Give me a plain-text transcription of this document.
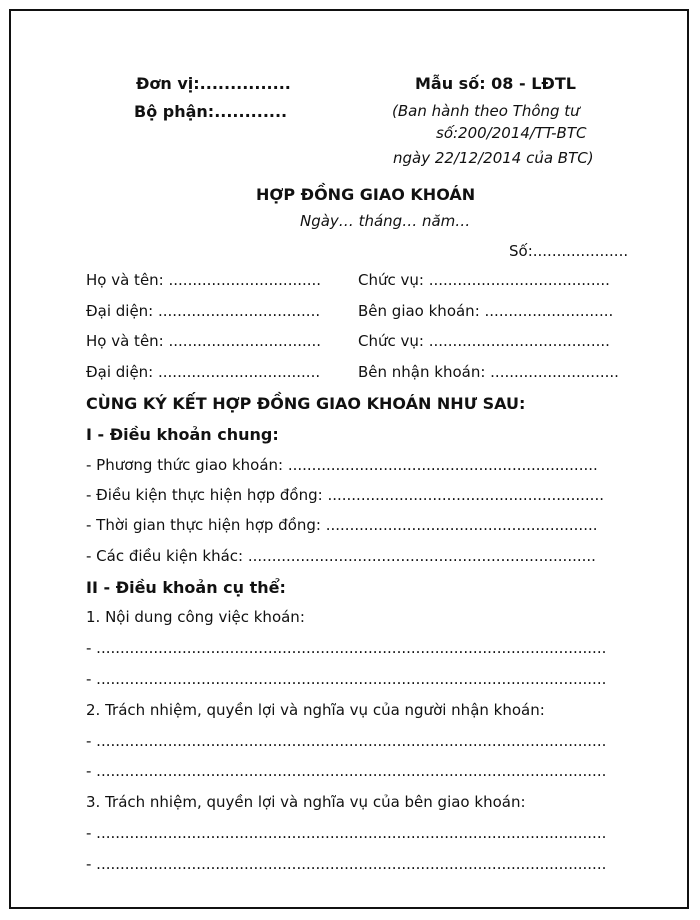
Đơn vị:...............
Bộ phận:............
Mẫu số: 08 - LĐTL
(Ban hành theo Thông tư
số:200/2014/TT-BTC
ngày 22/12/2014 của BTC)
HỢP ĐỒNG GIAO KHOÁN
Ngày… tháng… năm…
Số:....................
Họ và tên: ................................ Chức vụ: ......................................
Đại diện: ..................................	Bên giao khoán: ...........................
Họ và tên: ................................ Chức vụ: ......................................
Đại diện: ..................................	Bên nhận khoán: ...........................
CÙNG KÝ KẾT HỢP ĐỒNG GIAO KHOÁN NHƯ SAU:
I - Điều khoản chung:
- Phương thức giao khoán: .................................................................
- Điều kiện thực hiện hợp đồng: ..........................................................
- Thời gian thực hiện hợp đồng: .........................................................
- Các điều kiện khác: .........................................................................
II - Điều khoản cụ thể:
1. Nội dung công việc khoán:
- ...........................................................................................................
- ...........................................................................................................
2. Trách nhiệm, quyền lợi và nghĩa vụ của người nhận khoán:
- ...........................................................................................................
- ...........................................................................................................
3. Trách nhiệm, quyền lợi và nghĩa vụ của bên giao khoán:
- ...........................................................................................................
- ...........................................................................................................
